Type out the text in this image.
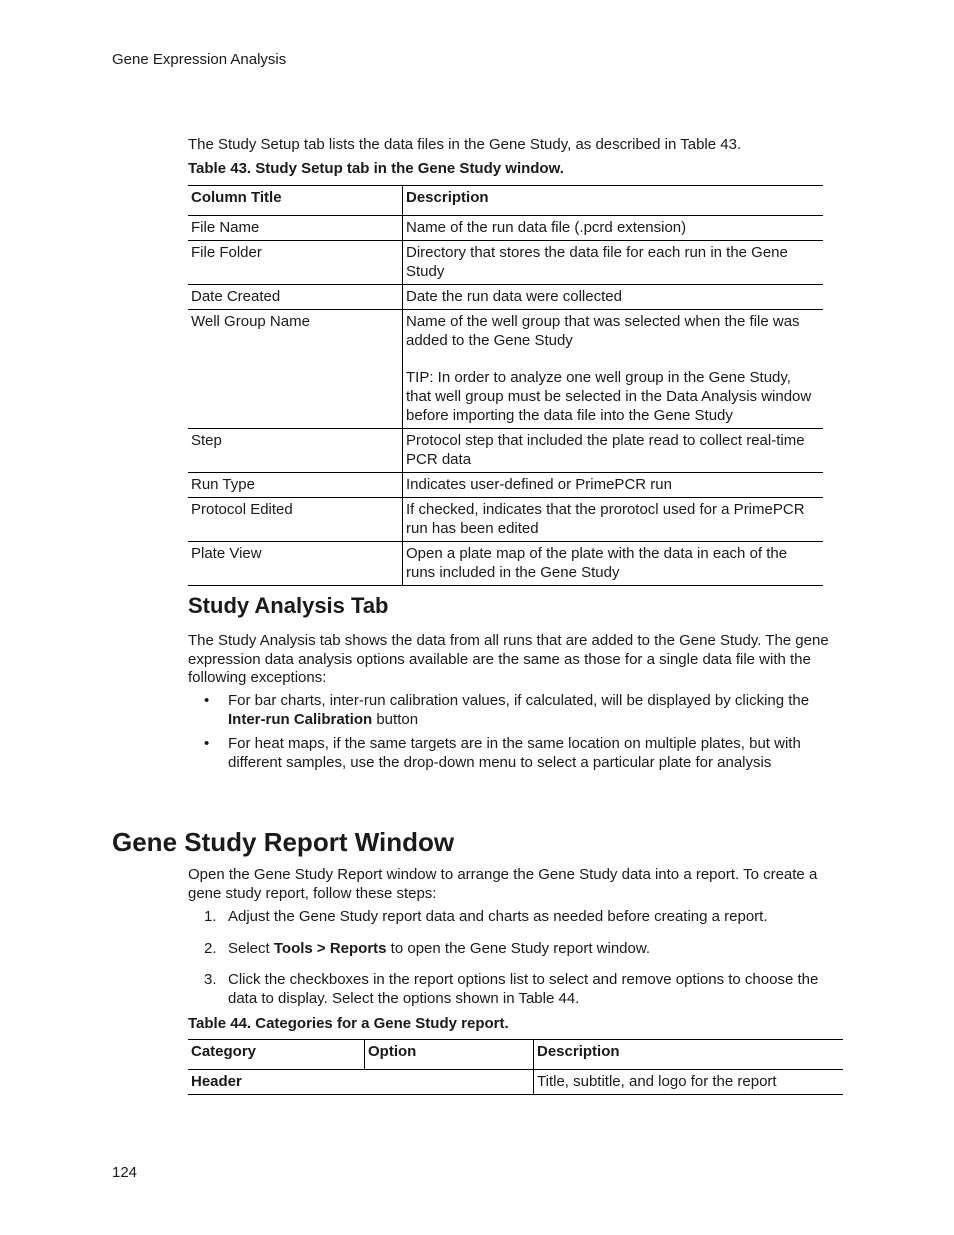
Gene Expression Analysis
The Study Setup tab lists the data files in the Gene Study, as described in Table 43.
Table 43. Study Setup tab in the Gene Study window.
Column Title	Description
File Name	Name of the run data file (.pcrd extension)
File Folder	Directory that stores the data file for each run in the Gene Study
Date Created	Date the run data were collected
Well Group Name	Name of the well group that was selected when the file was added to the Gene Study
TIP: In order to analyze one well group in the Gene Study, that well group must be selected in the Data Analysis window before importing the data file into the Gene Study

Step	Protocol step that included the plate read to collect real-time PCR data
Run Type	Indicates user-defined or PrimePCR run
Protocol Edited	If checked, indicates that the prorotocl used for a PrimePCR run has been edited
Plate View	Open a plate map of the plate with the data in each of the runs included in the Gene Study
Study Analysis Tab
The Study Analysis tab shows the data from all runs that are added to the Gene Study. The gene expression data analysis options available are the same as those for a single data file with the following exceptions:
• For bar charts, inter-run calibration values, if calculated, will be displayed by clicking the Inter-run Calibration button
• For heat maps, if the same targets are in the same location on multiple plates, but with different samples, use the drop-down menu to select a particular plate for analysis
Gene Study Report Window
Open the Gene Study Report window to arrange the Gene Study data into a report. To create a gene study report, follow these steps:
1. Adjust the Gene Study report data and charts as needed before creating a report.
2. Select Tools > Reports to open the Gene Study report window.
3. Click the checkboxes in the report options list to select and remove options to choose the data to display. Select the options shown in Table 44.
Table 44. Categories for a Gene Study report.
Category	Option	Description
Header		Title, subtitle, and logo for the report
124
